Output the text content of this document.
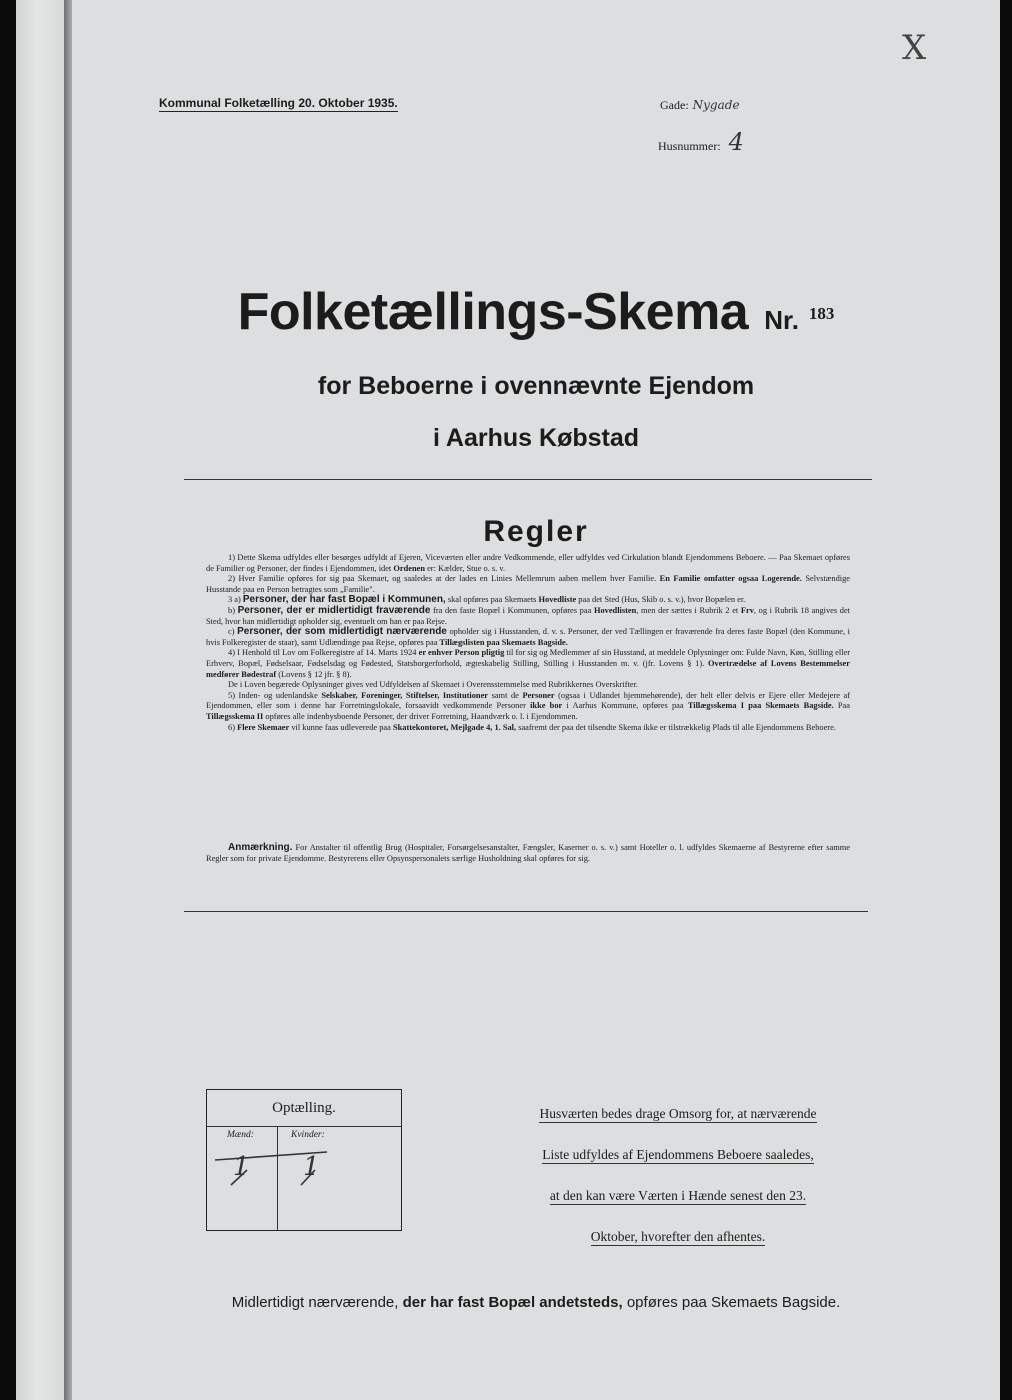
Kommunal Folketælling 20. Oktober 1935.	Gade: Nygade
Husnummer: 4
X
Folketællings-Skema Nr. 183
for Beboerne i ovennævnte Ejendom
i Aarhus Købstad
Regler

1) Dette Skema udfyldes eller besørges udfyldt af Ejeren, Viceværten eller andre Vedkommende, eller udfyldes ved Cirkulation blandt Ejendommens Beboere. — Paa Skemaet opføres de Familier og Personer, der findes i Ejendommen, idet Ordenen er: Kælder, Stue o. s. v.

2) Hver Familie opføres for sig paa Skemaet, og saaledes at der lades en Linies Mellemrum aaben mellem hver Familie. En Familie omfatter ogsaa Logerende. Selvstændige Husstande paa en Person betragtes som „Familie".

3 a) Personer, der har fast Bopæl i Kommunen, skal opføres paa Skemaets Hovedliste paa det Sted (Hus, Skib o. s. v.), hvor Bopælen er.

b) Personer, der er midlertidigt fraværende fra den faste Bopæl i Kommunen, opføres paa Hovedlisten, men der sættes i Rubrik 2 et Frv, og i Rubrik 18 angives det Sted, hvor han midlertidigt opholder sig, eventuelt om han er paa Rejse.

c) Personer, der som midlertidigt nærværende opholder sig i Husstanden, d. v. s. Personer, der ved Tællingen er fraværende fra deres faste Bopæl (den Kommune, i hvis Folkeregister de staar), samt Udlændinge paa Rejse, opføres paa Tillægslisten paa Skemaets Bagside.

4) I Henhold til Lov om Folkeregistre af 14. Marts 1924 er enhver Person pligtig til for sig og Medlemmer af sin Husstand, at meddele Oplysninger om: Fulde Navn, Køn, Stilling eller Erhverv, Bopæl, Fødselsaar, Fødselsdag og Fødested, Statsborgerforhold, ægteskabelig Stilling, Stilling i Husstanden m. v. (jfr. Lovens § 1). Overtrædelse af Lovens Bestemmelser medfører Bødestraf (Lovens § 12 jfr. § 8).

De i Loven begærede Oplysninger gives ved Udfyldelsen af Skemaet i Overensstemmelse med Rubrikkernes Overskrifter.

5) Inden- og udenlandske Selskaber, Foreninger, Stiftelser, Institutioner samt de Personer (ogsaa i Udlandet hjemmehørende), der helt eller delvis er Ejere eller Medejere af Ejendommen, eller som i denne har Forretningslokale, forsaavidt vedkommende Personer ikke bor i Aarhus Kommune, opføres paa Tillægsskema I paa Skemaets Bagside. Paa Tillægsskema II opføres alle indenbysboende Personer, der driver Forretning, Haandværk o. l. i Ejendommen.

6) Flere Skemaer vil kunne faas udleverede paa Skattekontoret, Mejlgade 4, 1. Sal, saafremt der paa det tilsendte Skema ikke er tilstrækkelig Plads til alle Ejendommens Beboere.

Anmærkning. For Anstalter til offentlig Brug (Hospitaler, Forsørgelsesanstalter, Fængsler, Kaserner o. s. v.) samt Hoteller o. l. udfyldes Skemaerne af Bestyrerne efter samme Regler som for private Ejendomme. Bestyrerens eller Opsynspersonalets særlige Husholdning skal opføres for sig.

Optælling.
Mænd:	Kvinder:
1 1
Husværten bedes drage Omsorg for, at nærværende
Liste udfyldes af Ejendommens Beboere saaledes,
at den kan være Værten i Hænde senest den 23.
Oktober, hvorefter den afhentes.
Midlertidigt nærværende, der har fast Bopæl andetsteds, opføres paa Skemaets Bagside.
